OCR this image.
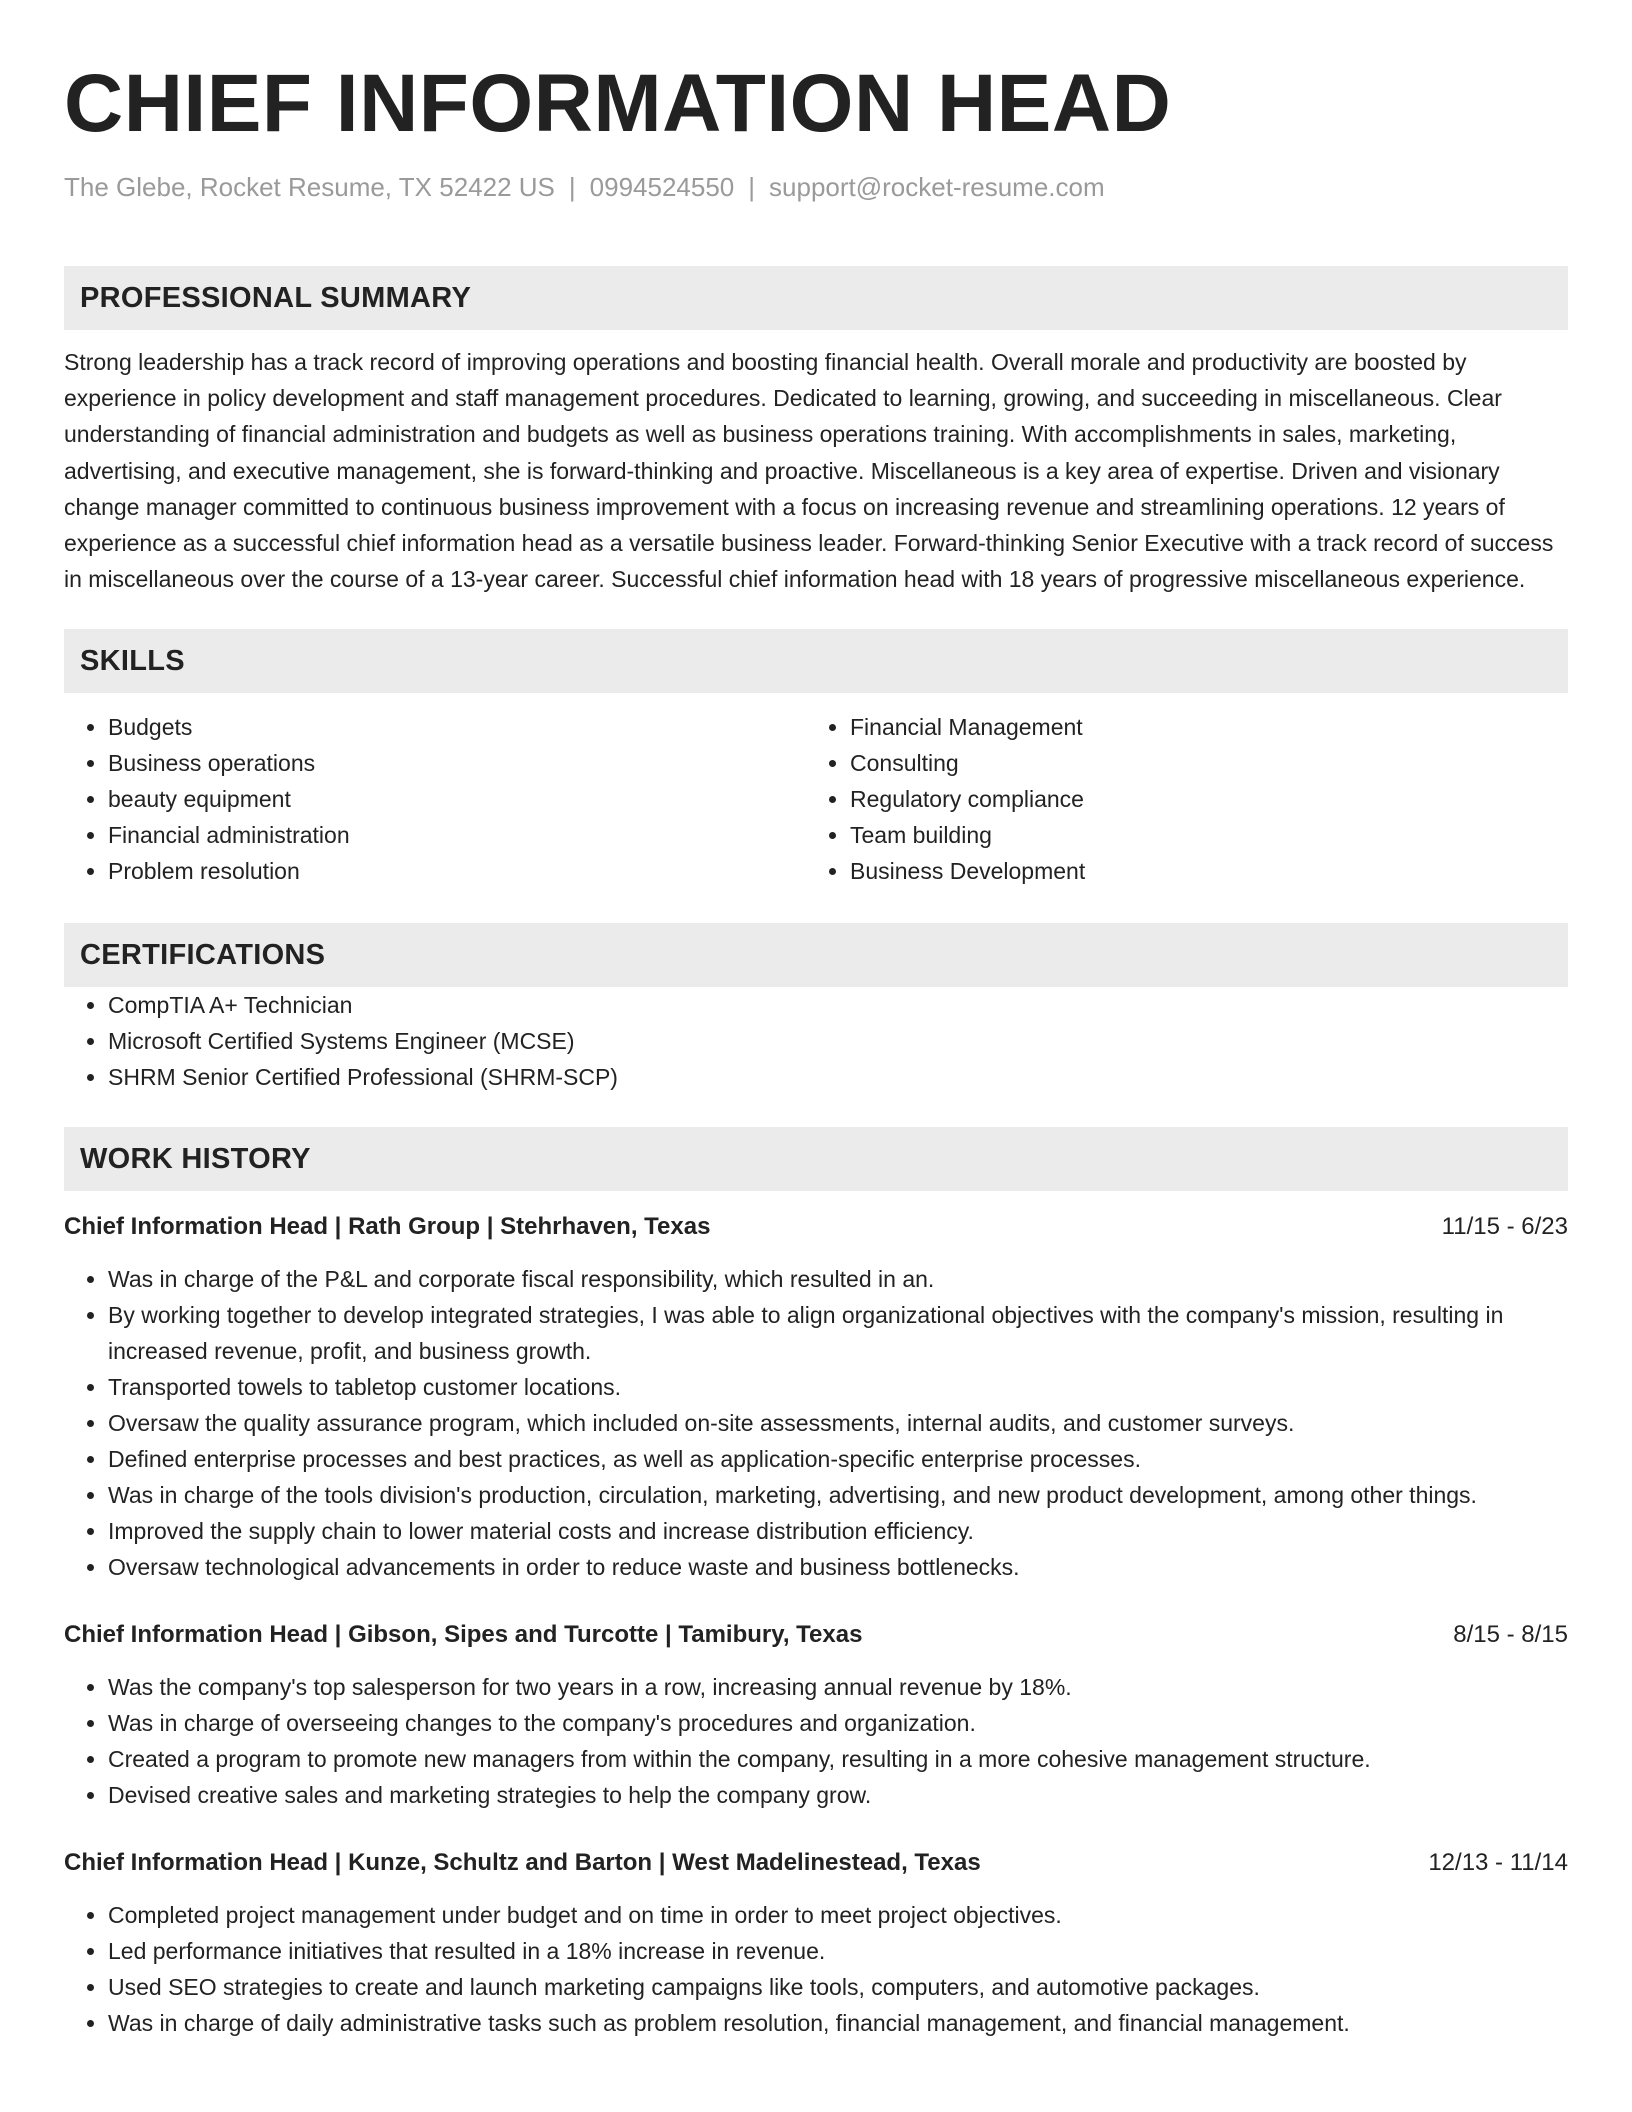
CHIEF INFORMATION HEAD
The Glebe, Rocket Resume, TX 52422 US | 0994524550 | support@rocket-resume.com
PROFESSIONAL SUMMARY
Strong leadership has a track record of improving operations and boosting financial health. Overall morale and productivity are boosted by experience in policy development and staff management procedures. Dedicated to learning, growing, and succeeding in miscellaneous. Clear understanding of financial administration and budgets as well as business operations training. With accomplishments in sales, marketing, advertising, and executive management, she is forward-thinking and proactive. Miscellaneous is a key area of expertise. Driven and visionary change manager committed to continuous business improvement with a focus on increasing revenue and streamlining operations. 12 years of experience as a successful chief information head as a versatile business leader. Forward-thinking Senior Executive with a track record of success in miscellaneous over the course of a 13-year career. Successful chief information head with 18 years of progressive miscellaneous experience.
SKILLS
• Budgets
• Business operations
• beauty equipment
• Financial administration
• Problem resolution
• Financial Management
• Consulting
• Regulatory compliance
• Team building
• Business Development
CERTIFICATIONS
• CompTIA A+ Technician
• Microsoft Certified Systems Engineer (MCSE)
• SHRM Senior Certified Professional (SHRM-SCP)
WORK HISTORY
Chief Information Head | Rath Group | Stehrhaven, Texas	11/15 - 6/23
• Was in charge of the P&L and corporate fiscal responsibility, which resulted in an.
• By working together to develop integrated strategies, I was able to align organizational objectives with the company's mission, resulting in increased revenue, profit, and business growth.
• Transported towels to tabletop customer locations.
• Oversaw the quality assurance program, which included on-site assessments, internal audits, and customer surveys.
• Defined enterprise processes and best practices, as well as application-specific enterprise processes.
• Was in charge of the tools division's production, circulation, marketing, advertising, and new product development, among other things.
• Improved the supply chain to lower material costs and increase distribution efficiency.
• Oversaw technological advancements in order to reduce waste and business bottlenecks.
Chief Information Head | Gibson, Sipes and Turcotte | Tamibury, Texas	8/15 - 8/15
• Was the company's top salesperson for two years in a row, increasing annual revenue by 18%.
• Was in charge of overseeing changes to the company's procedures and organization.
• Created a program to promote new managers from within the company, resulting in a more cohesive management structure.
• Devised creative sales and marketing strategies to help the company grow.
Chief Information Head | Kunze, Schultz and Barton | West Madelinestead, Texas	12/13 - 11/14
• Completed project management under budget and on time in order to meet project objectives.
• Led performance initiatives that resulted in a 18% increase in revenue.
• Used SEO strategies to create and launch marketing campaigns like tools, computers, and automotive packages.
• Was in charge of daily administrative tasks such as problem resolution, financial management, and financial management.
